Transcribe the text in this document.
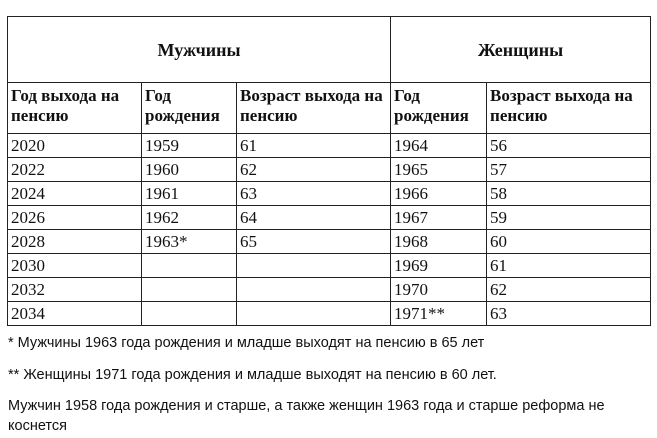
Мужчины			Женщины	
Год выхода на пенсию	Год рождения	Возраст выхода на пенсию	Год рождения	Возраст выхода на пенсию
2020	1959	61	1964	56
2022	1960	62	1965	57
2024	1961	63	1966	58
2026	1962	64	1967	59
2028	1963*	65	1968	60
2030			1969	61
2032			1970	62
2034			1971**	63

* Мужчины 1963 года рождения и младше выходят на пенсию в 65 лет

** Женщины 1971 года рождения и младше выходят на пенсию в 60 лет.

Мужчин 1958 года рождения и старше, а также женщин 1963 года и старше реформа не коснется
